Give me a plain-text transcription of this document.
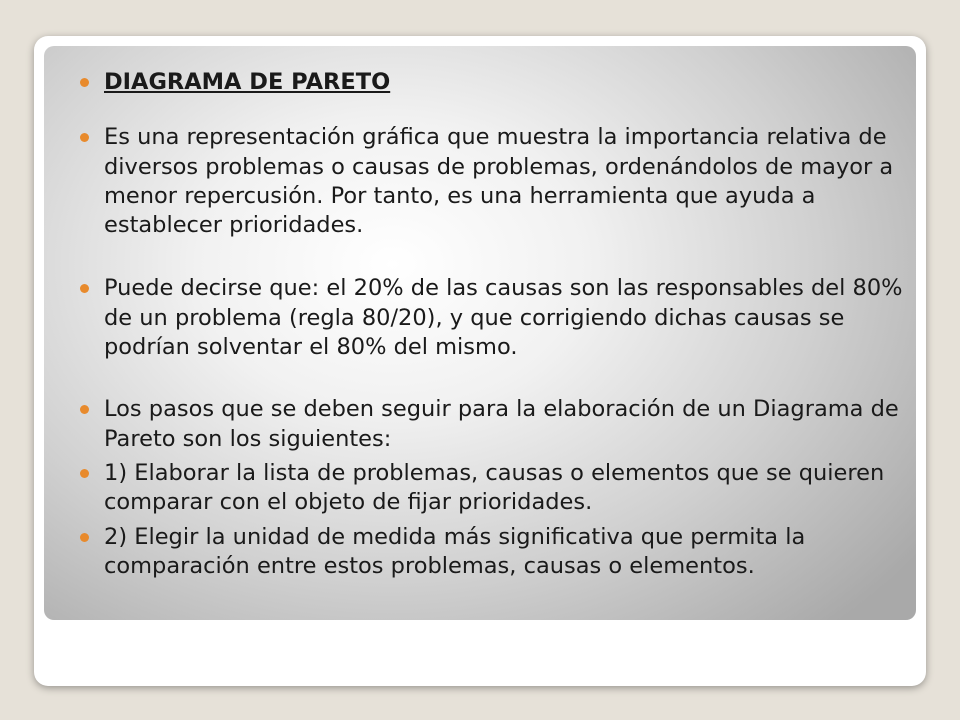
DIAGRAMA DE PARETO
Es una representación gráfica que muestra la importancia relativa de diversos problemas o causas de problemas, ordenándolos de mayor a menor repercusión. Por tanto, es una herramienta que ayuda a establecer prioridades.
Puede decirse que: el 20% de las causas son las responsables del 80% de un problema (regla 80/20), y que corrigiendo dichas causas se podrían solventar el 80% del mismo.
Los pasos que se deben seguir para la elaboración de un Diagrama de Pareto son los siguientes:
1) Elaborar la lista de problemas, causas o elementos que se quieren comparar con el objeto de fijar prioridades.
2) Elegir la unidad de medida más significativa que permita la comparación entre estos problemas, causas o elementos.
